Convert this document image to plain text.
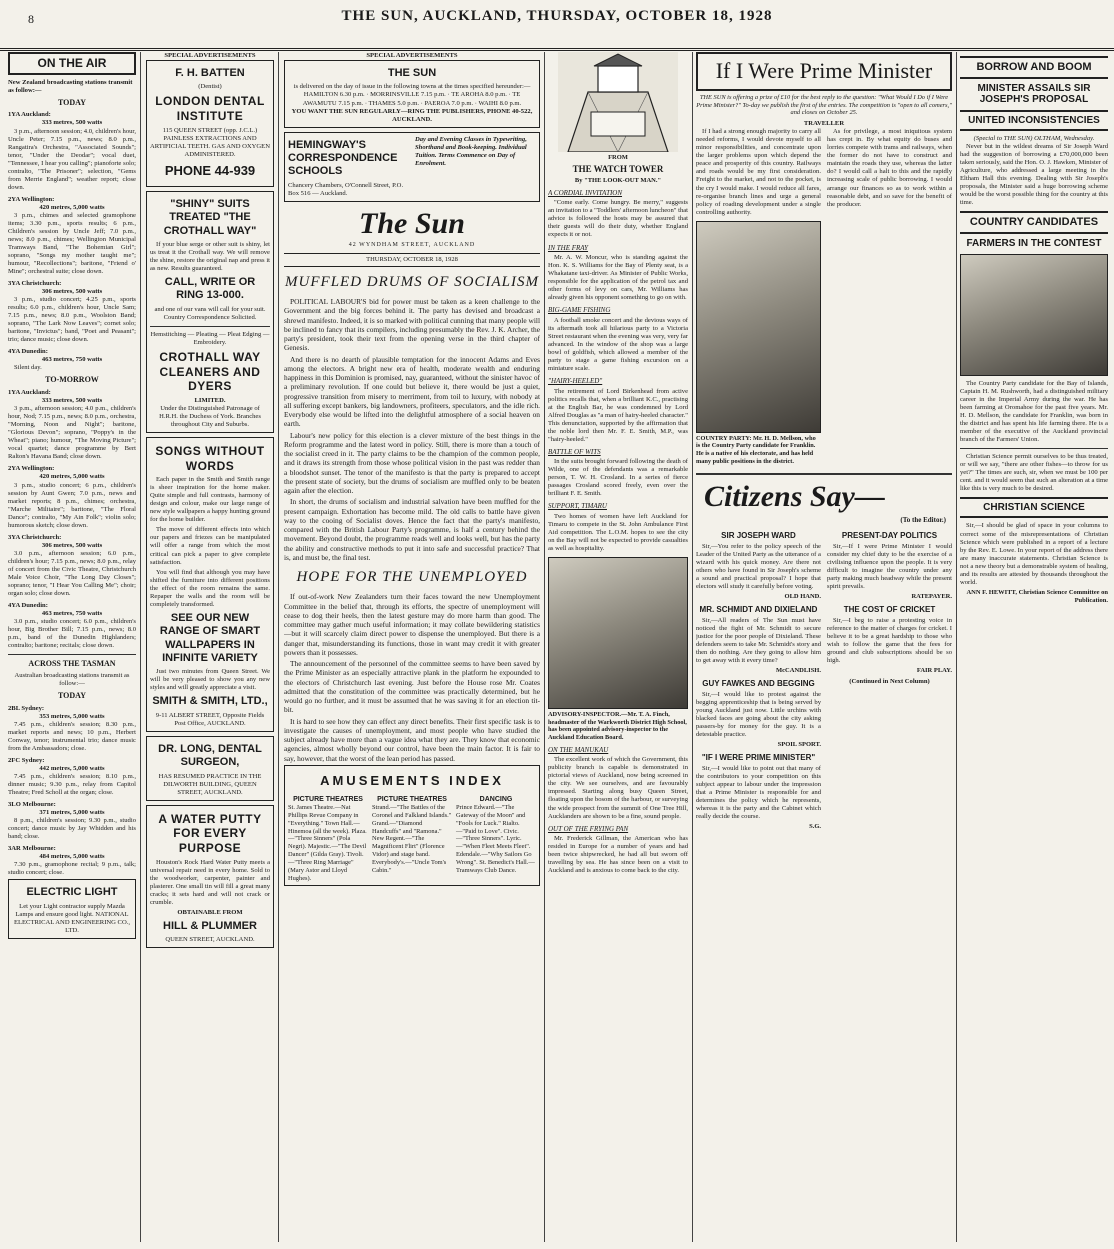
8	THE SUN, AUCKLAND, THURSDAY, OCTOBER 18, 1928
ON THE AIR
New Zealand broadcasting stations transmit as follow:—
TODAY
1YA Auckland:
333 metres, 500 watts
3 p.m., afternoon session; 4.0, children's hour, Uncle Peter; 7.15 p.m., news; 8.0 p.m., Rangatira's Orchestra, "Associated Sounds"; tenor, "Under the Deodar"; vocal duet, "Tennessee, I hear you calling"; pianoforte solo; contralto, "The Prisoner"; selection, "Gems from Merrie England"; weather report; close down.
2YA Wellington:
420 metres, 5,000 watts
3 p.m., chimes and selected gramophone items; 3.30 p.m., sports results; 6 p.m., Children's session by Uncle Jeff; 7.0 p.m., news; 8.0 p.m., chimes; Wellington Municipal Tramways Band, "The Bohemian Girl"; soprano, "Songs my mother taught me"; humour, "Recollections"; baritone, "Friend o' Mine"; orchestral suite; close down.
3YA Christchurch:
306 metres, 500 watts
3 p.m., studio concert; 4.25 p.m., sports results; 6.0 p.m., children's hour, Uncle Sam; 7.15 p.m., news; 8.0 p.m., Woolston Band; soprano, "The Lark Now Leaves"; cornet solo; baritone, "Invictus"; band, "Poet and Peasant"; trio; dance music; close down.
4YA Dunedin:
463 metres, 750 watts
Silent day.
TO-MORROW
1YA Auckland:
333 metres, 500 watts
3 p.m., afternoon session; 4.0 p.m., children's hour, Nod; 7.15 p.m., news; 8.0 p.m., orchestra, "Morning, Noon and Night"; baritone, "Glorious Devon"; soprano, "Poppy's in the Wheat"; piano; humour, "The Moving Picture"; vocal quartet; dance programme by Bert Ralton's Havana Band; close down.
2YA Wellington:
420 metres, 5,000 watts
3 p.m., studio concert; 6 p.m., children's session by Aunt Gwen; 7.0 p.m., news and market reports; 8 p.m., chimes; orchestra, "Marche Militaire"; baritone, "The Floral Dance"; contralto, "My Ain Folk"; violin solo; humorous sketch; close down.
3YA Christchurch:
306 metres, 500 watts
3.0 p.m., afternoon session; 6.0 p.m., children's hour; 7.15 p.m., news; 8.0 p.m., relay of concert from the Civic Theatre, Christchurch Male Voice Choir, "The Long Day Closes"; soprano; tenor, "I Hear You Calling Me"; choir; organ solo; close down.
4YA Dunedin:
463 metres, 750 watts
3.0 p.m., studio concert; 6.0 p.m., children's hour, Big Brother Bill; 7.15 p.m., news; 8.0 p.m., band of the Dunedin Highlanders; contralto; baritone; recitals; close down.
ACROSS THE TASMAN
Australian broadcasting stations transmit as follow:—
TODAY
2BL Sydney:
353 metres, 5,000 watts
7.45 p.m., children's session; 8.30 p.m., market reports and news; 10 p.m., Herbert Conway, tenor; instrumental trio; dance music from the Ambassadors; close.
2FC Sydney:
442 metres, 5,000 watts
7.45 p.m., children's session; 8.10 p.m., dinner music; 9.30 p.m., relay from Capitol Theatre; Fred Scholl at the organ; close.
3LO Melbourne:
371 metres, 5,000 watts
8 p.m., children's session; 9.30 p.m., studio concert; dance music by Jay Whidden and his band; close.
3AR Melbourne:
484 metres, 5,000 watts
7.30 p.m., gramophone recital; 9 p.m., talk; studio concert; close.
ELECTRIC LIGHT
Let your Light contractor supply Mazda Lamps and ensure good light. NATIONAL ELECTRICAL AND ENGINEERING CO., LTD.
SPECIAL ADVERTISEMENTS
F. H. BATTEN
(Dentist)
LONDON DENTAL INSTITUTE
115 QUEEN STREET (opp. J.C.L.) PAINLESS EXTRACTIONS AND ARTIFICIAL TEETH. GAS AND OXYGEN ADMINISTERED.
PHONE 44-939
"SHINY" SUITS TREATED "THE CROTHALL WAY"
If your blue serge or other suit is shiny, let us treat it the Crothall way. We will remove the shine, restore the original nap and press it as new. Results guaranteed.
CALL, WRITE OR RING 13-000.
and one of our vans will call for your suit. Country Correspondence Solicited.
Hemstitching — Pleating — Pleat Edging — Embroidery.
CROTHALL WAY CLEANERS AND DYERS
LIMITED.
Under the Distinguished Patronage of H.R.H. the Duchess of York. Branches throughout City and Suburbs.
SONGS WITHOUT WORDS
Each paper in the Smith and Smith range is sheer inspiration for the home maker. Quite simple and full contrasts, harmony of design and colour, make our large range of new style wallpapers a happy hunting ground for the home builder.
The move of different effects into which our papers and friezes can be manipulated will offer a range from which the most critical can pick a paper to give complete satisfaction.
You will find that although you may have shifted the furniture into different positions the effect of the room remains the same. Repaper the walls and the room will be completely transformed.
SEE OUR NEW RANGE OF SMART WALLPAPERS IN INFINITE VARIETY
Just two minutes from Queen Street. We will be very pleased to show you any new styles and will greatly appreciate a visit.
SMITH & SMITH, LTD.,
9-11 ALBERT STREET, Opposite Fields Post Office, AUCKLAND.
DR. LONG, DENTAL SURGEON,
HAS RESUMED PRACTICE IN THE DILWORTH BUILDING, QUEEN STREET, AUCKLAND.
A WATER PUTTY FOR EVERY PURPOSE
Houston's Rock Hard Water Putty meets a universal repair need in every home. Sold to the woodworker, carpenter, painter and plasterer. One small tin will fill a great many cracks; it sets hard and will not crack or crumble.
OBTAINABLE FROM
HILL & PLUMMER
QUEEN STREET, AUCKLAND.
SPECIAL ADVERTISEMENTS
THE SUN
is delivered on the day of issue in the following towns at the times specified hereunder:— HAMILTON 6.30 p.m. · MORRINSVILLE 7.15 p.m. · TE AROHA 8.0 p.m. · TE AWAMUTU 7.15 p.m. · THAMES 5.0 p.m. · PAEROA 7.0 p.m. · WAIHI 8.0 p.m.
YOU WANT THE SUN REGULARLY—RING THE PUBLISHERS, PHONE 40-522, AUCKLAND.
HEMINGWAY'S CORRESPONDENCE SCHOOLS
Chancery Chambers, O'Connell Street, P.O. Box 516 — Auckland.
Day and Evening Classes in Typewriting, Shorthand and Book-keeping. Individual Tuition. Terms Commence on Day of Enrolment.
The Sun
42 WYNDHAM STREET, AUCKLAND
THURSDAY, OCTOBER 18, 1928
MUFFLED DRUMS OF SOCIALISM
POLITICAL LABOUR'S bid for power must be taken as a keen challenge to the Government and the big forces behind it. The party has devised and broadcast a shrewd manifesto. Indeed, it is so marked with political cunning that many people will be inclined to fancy that its compilers, including presumably the Rev. J. K. Archer, the party's president, took their text from the opening verse in the third chapter of Genesis.
And there is no dearth of plausible temptation for the innocent Adams and Eves among the electors. A bright new era of health, moderate wealth and enduring happiness in this Dominion is promised, nay, guaranteed, without the sinister havoc of a preliminary revolution. If one could but believe it, there would be just a quiet, progressive transition from misery to merriment, from toil to luxury, with nobody at all suffering except bankers, big landowners, profiteers, speculators, and the idle rich. Everybody else would be lifted into the delightful atmosphere of a social heaven on earth.
Labour's new policy for this election is a clever mixture of the best things in the Reform programme and the latest word in policy. Still, there is more than a touch of the socialist creed in it. The party claims to be the champion of the common people, and it draws its strength from those whose political vision in the past was redder than a bloodshot sunset. The tenor of the manifesto is that the party is prepared to accept the present state of society, but the drums of socialism are muffled only to be beaten again after the election.
In short, the drums of socialism and industrial salvation have been muffled for the present campaign. Exhortation has become mild. The old calls to battle have given way to the cooing of Socialist doves. Hence the fact that the party's manifesto, compared with the British Labour Party's programme, is half a century behind the movement. Beyond doubt, the programme reads well and looks well, but has the party the ability and constructive methods to put it into safe and successful practice? That is, and must be, the final test.
HOPE FOR THE UNEMPLOYED
If out-of-work New Zealanders turn their faces toward the new Unemployment Committee in the belief that, through its efforts, the spectre of unemployment will cease to dog their heels, then the latest gesture may do more harm than good. The committee may gather much useful information; it may collate bewildering statistics—but it will scarcely claim direct power to dispense the unemployed. But there is a danger that, misunderstanding its functions, those in want may credit it with greater powers than it possesses.
The announcement of the personnel of the committee seems to have been saved by the Prime Minister as an especially attractive plank in the platform he expounded to the electors of Christchurch last evening. Just before the House rose Mr. Coates admitted that the constitution of the committee was practically determined, but he would go no further, and it must be assumed that he was saving it for an election tit-bit.
It is hard to see how they can effect any direct benefits. Their first specific task is to investigate the causes of unemployment, and most people who have studied the subject already have more than a vague idea what they are. They know that economic agencies, almost wholly beyond our control, have been the main factor. It is fair to say, however, that the worst of the lean period has passed.
AMUSEMENTS INDEX
PICTURE THEATRES
St. James Theatre.—Nat Phillips Revue Company in "Everything." Town Hall.—Hinemoa (all the week). Plaza.—"Three Sinners" (Pola Negri). Majestic.—"The Devil Dancer" (Gilda Gray). Tivoli.—"Three Ring Marriage" (Mary Astor and Lloyd Hughes).
PICTURE THEATRES
Strand.—"The Battles of the Coronel and Falkland Islands." Grand.—"Diamond Handcuffs" and "Ramona." New Regent.—"The Magnificent Flirt" (Florence Vidor) and stage band. Everybody's.—"Uncle Tom's Cabin."
DANCING
Prince Edward.—"The Gateway of the Moon" and "Fools for Luck." Rialto.—"Paid to Love". Civic.—"Three Sinners". Lyric.—"When Fleet Meets Fleet". Edendale.—"Why Sailors Go Wrong". St. Benedict's Hall.—Tramways Club Dance.
FROM
THE WATCH TOWER
By "THE LOOK-OUT MAN."
A CORDIAL INVITATION
"Come early. Come hungry. Be merry," suggests an invitation to a "Toddlers' afternoon luncheon" that advice is followed the hosts may be assured that their guests will do their duty, whether England expects it or not.
IN THE FRAY
Mr. A. W. Moncur, who is standing against the Hon. K. S. Williams for the Bay of Plenty seat, is a Whakatane taxi-driver. As Minister of Public Works, responsible for the application of the petrol tax and other forms of levy on cars, Mr. Williams has already given his opponent something to go on with.
BIG-GAME FISHING
A football smoke concert and the devious ways of its aftermath took all hilarious party to a Victoria Street restaurant when the evening was very, very far advanced. In the window of the shop was a large bowl of goldfish, which allowed a member of the party to stage a game fishing excursion on a miniature scale.
"HAIRY-HEELED"
The retirement of Lord Birkenhead from active politics recalls that, when a brilliant K.C., practising at the English Bar, he was condemned by Lord Alfred Douglas as "a man of hairy-heeled character." This denunciation, supported by the affirmation that the noble lord then Mr. F. E. Smith, M.P., was "hairy-heeled."
BATTLE OF WITS
In the suits brought forward following the death of Wilde, one of the defendants was a remarkable person, T. W. H. Crosland. In a series of fierce passages Crosland scored freely, even over the brilliant F. E. Smith.
SUPPORT, TIMARU
Two homes of women have left Auckland for Timaru to compete in the St. John Ambulance First Aid competition. The L.O.M. hopes to see the city on the Bay will not be expected to provide casualties as well as hospitality.
ADVISORY-INSPECTOR.—Mr. T. A. Finch, headmaster of the Warkworth District High School, has been appointed advisory-inspector to the Auckland Education Board.
ON THE MANUKAU
The excellent work of which the Government, this publicity branch is capable is demonstrated in pictorial views of Auckland, now being screened in the city. We see ourselves, and are favourably impressed. Starting along busy Queen Street, floating upon the bosom of the harbour, or surveying the wide prospect from the summit of One Tree Hill, Aucklanders are shown to be a fine, sound people.
OUT OF THE FRYING PAN
Mr. Frederick Gillman, the American who has resided in Europe for a number of years and had been twice shipwrecked, he had all but sworn off travelling by sea. He has since been on a visit to Auckland and is anxious to come back to the city.
If I Were Prime Minister
THE SUN is offering a prize of £10 for the best reply to the question: "What Would I Do if I Were Prime Minister?" To-day we publish the first of the entries. The competition is "open to all comers," and closes on October 25.
TRAVELLER
If I had a strong enough majority to carry all needed reforms, I would devote myself to all minor responsibilities, and concentrate upon the larger problems upon which depend the peace and prosperity of this country. Railways and roads would be my first consideration. Freight to the market, and not to the pocket, is the cry I would make. I would reduce all fares, re-organise branch lines and urge a general policy of roading development under a single controlling authority.
COUNTRY PARTY: Mr. H. D. Mellson, who is the Country Party candidate for Franklin. He is a native of his electorate, and has held many public positions in the district.
As for privilege, a most iniquitous system has crept in. By what equity do buses and lorries compete with trams and railways, when the former do not have to construct and maintain the roads they use, whereas the latter do? I would call a halt to this and the rapidly increasing scale of public borrowing. I would arrange our finances so as to work within a reasonable debt, and so save for the benefit of the producer.
Citizens Say—
(To the Editor.)
SIR JOSEPH WARD
Sir,—You refer to the policy speech of the Leader of the United Party as the utterance of a wizard with his quick money. Are there not others who have found in Sir Joseph's scheme a sound and practical proposal? I hope that electors will study it carefully before voting.
OLD HAND.
MR. SCHMIDT AND DIXIELAND
Sir,—All readers of The Sun must have noticed the fight of Mr. Schmidt to secure justice for the poor people of Dixieland. These defenders seem to take Mr. Schmidt's story and then do nothing. Are they going to allow him to get away with it every time?
McCANDLISH.
GUY FAWKES AND BEGGING
Sir,—I would like to protest against the begging apprenticeship that is being served by young Auckland just now. Little urchins with blacked faces are going about the city asking passers-by for money for the guy. It is a detestable practice.
SPOIL SPORT.
"IF I WERE PRIME MINISTER"
Sir,—I would like to point out that many of the contributors to your competition on this subject appear to labour under the impression that a Prime Minister is responsible for and determines the policy which he represents, whereas it is the party and the Cabinet which really decide the course.
S.G.
PRESENT-DAY POLITICS
Sir,—If I were Prime Minister I would consider my chief duty to be the exercise of a civilising influence upon the people. It is very difficult to imagine the country under any party making much headway while the present spirit prevails.
RATEPAYER.
THE COST OF CRICKET
Sir,—I beg to raise a protesting voice in reference to the matter of charges for cricket. I believe it to be a great hardship to those who wish to follow the game that the fees for ground and club subscriptions should be so high.
FAIR PLAY.
(Continued in Next Column)
BORROW AND BOOM
MINISTER ASSAILS SIR JOSEPH'S PROPOSAL
UNITED INCONSISTENCIES
(Special to THE SUN) OLTHAM, Wednesday.
Never but in the wildest dreams of Sir Joseph Ward had the suggestion of borrowing a £70,000,000 been taken seriously, said the Hon. O. J. Hawken, Minister of Agriculture, who addressed a large meeting in the Eltham Hall this evening. Dealing with Sir Joseph's proposals, the Minister said a huge borrowing scheme would be the worst possible thing for the country at this time.
COUNTRY CANDIDATES
FARMERS IN THE CONTEST
The Country Party candidate for the Bay of Islands, Captain H. M. Rushworth, had a distinguished military career in the Imperial Army during the war. He has been farming at Oromahoe for the past five years. Mr. H. D. Mellson, the candidate for Franklin, was born in the district and has spent his life farming there. He is a member of the executive of the Auckland provincial branch of the Farmers' Union.
Christian Science permit ourselves to be thus treated, or will we say, "there are other fishes—to throw for us yet?" The times are such, sir, when we must be 100 per cent. and it would seem that such an alteration at a time like this is very much to be desired.
CHRISTIAN SCIENCE
Sir,—I should be glad of space in your columns to correct some of the misrepresentations of Christian Science which were published in a report of a lecture by the Rev. E. Lowe. In your report of the address there are many inaccurate statements. Christian Science is not a new theory but a demonstrable system of healing, and its results are attested by thousands throughout the world.
ANN F. HEWITT, Christian Science Committee on Publication.
